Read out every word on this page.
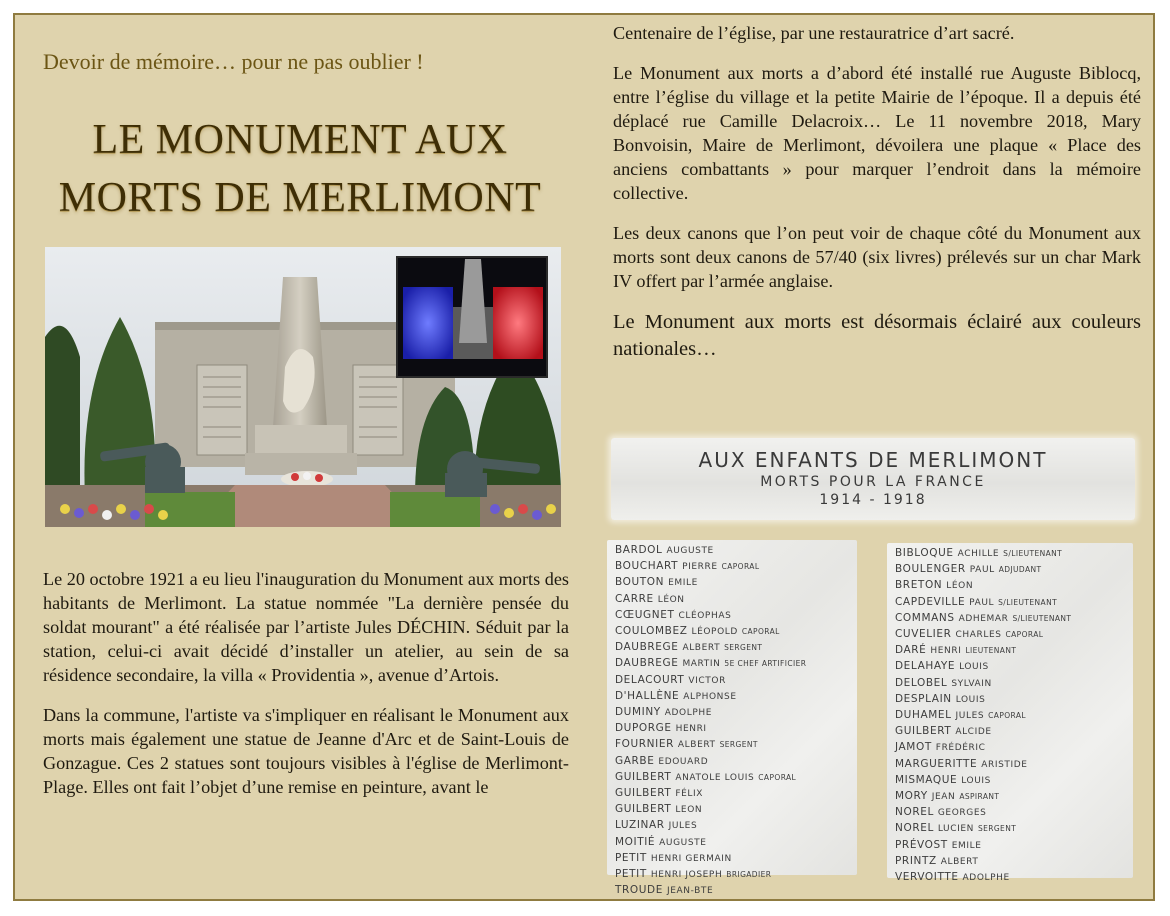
Devoir de mémoire… pour ne pas oublier !
LE MONUMENT AUX
MORTS DE MERLIMONT

Le 20 octobre 1921 a eu lieu l'inauguration du Monument aux morts des habitants de Merlimont. La statue nommée "La dernière pensée du soldat mourant" a été réalisée par l’artiste Jules DÉCHIN. Séduit par la station, celui-ci avait décidé d’installer un atelier, au sein de sa résidence secondaire, la villa « Providentia », avenue d’Artois.

Dans la commune, l'artiste va s'impliquer en réalisant le Monument aux morts mais également une statue de Jeanne d'Arc et de Saint-Louis de Gonzague. Ces 2 statues sont toujours visibles à l'église de Merlimont-Plage. Elles ont fait l’objet d’une remise en peinture, avant le

Centenaire de l’église, par une restauratrice d’art sacré.

Le Monument aux morts a d’abord été installé rue Auguste Biblocq, entre l’église du village et la petite Mairie de l’époque. Il a depuis été déplacé rue Camille Delacroix… Le 11 novembre 2018, Mary Bonvoisin, Maire de Merlimont, dévoilera une plaque « Place des anciens combattants » pour marquer l’endroit dans la mémoire collective.

Les deux canons que l’on peut voir de chaque côté du Monument aux morts sont deux canons de 57/40 (six livres) prélevés sur un char Mark IV offert par l’armée anglaise.

Le Monument aux morts est désormais éclairé aux couleurs nationales…

AUX ENFANTS DE MERLIMONT
MORTS POUR LA FRANCE
1914 - 1918
BARDOL AUGUSTE
BOUCHART PIERRE CAPORAL
BOUTON EMILE
CARRE LÉON
CŒUGNET CLÉOPHAS
COULOMBEZ LÉOPOLD CAPORAL
DAUBREGE ALBERT SERGENT
DAUBREGE MARTIN 5E CHEF ARTIFICIER
DELACOURT VICTOR
D'HALLÈNE ALPHONSE
DUMINY ADOLPHE
DUPORGE HENRI
FOURNIER ALBERT SERGENT
GARBE EDOUARD
GUILBERT ANATOLE LOUIS CAPORAL
GUILBERT FÉLIX
GUILBERT LEON
LUZINAR JULES
MOITIÉ AUGUSTE
PETIT HENRI GERMAIN
PETIT HENRI JOSEPH BRIGADIER
TROUDE JEAN-BTE
BIBLOQUE ACHILLE S/LIEUTENANT
BOULENGER PAUL ADJUDANT
BRETON LÉON
CAPDEVILLE PAUL S/LIEUTENANT
COMMANS ADHEMAR S/LIEUTENANT
CUVELIER CHARLES CAPORAL
DARÉ HENRI LIEUTENANT
DELAHAYE LOUIS
DELOBEL SYLVAIN
DESPLAIN LOUIS
DUHAMEL JULES CAPORAL
GUILBERT ALCIDE
JAMOT FRÉDÉRIC
MARGUERITTE ARISTIDE
MISMAQUE LOUIS
MORY JEAN ASPIRANT
NOREL GEORGES
NOREL LUCIEN SERGENT
PRÉVOST EMILE
PRINTZ ALBERT
VERVOITTE ADOLPHE
